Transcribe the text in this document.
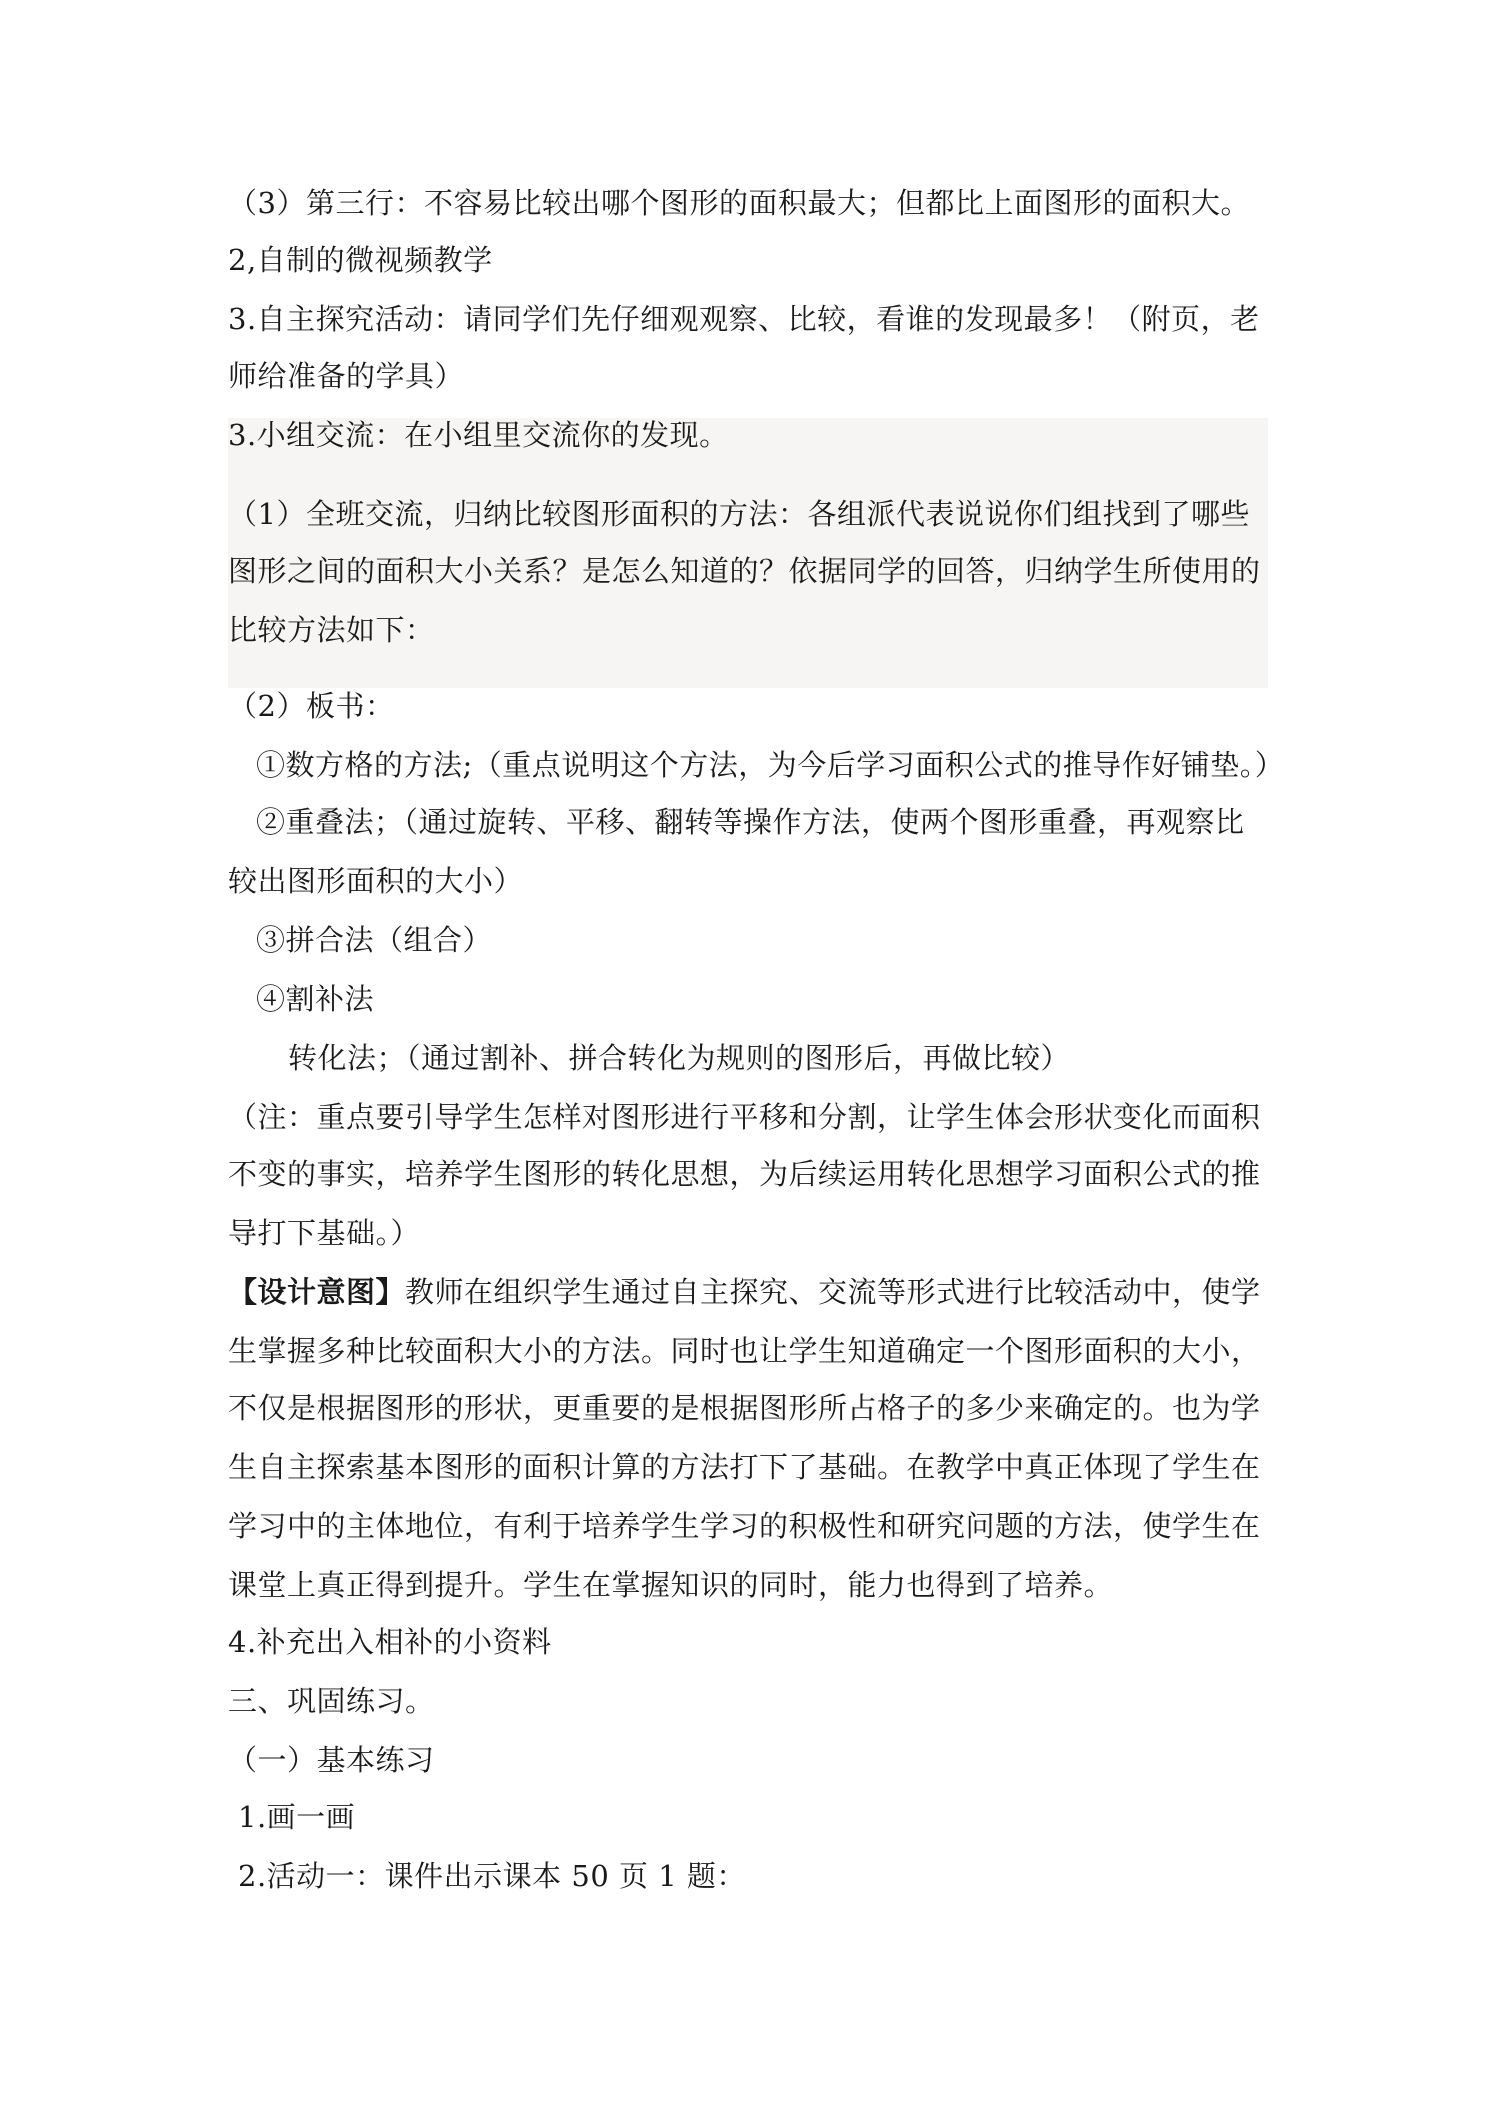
（3）第三行：不容易比较出哪个图形的面积最大；但都比上面图形的面积大。
2,自制的微视频教学
3.自主探究活动：请同学们先仔细观观察、比较，看谁的发现最多！（附页，老
师给准备的学具）
3.小组交流：在小组里交流你的发现。
（1）全班交流，归纳比较图形面积的方法：各组派代表说说你们组找到了哪些
图形之间的面积大小关系？是怎么知道的？依据同学的回答，归纳学生所使用的
比较方法如下：
（2）板书：
①数方格的方法;（重点说明这个方法，为今后学习面积公式的推导作好铺垫。）
②重叠法；（通过旋转、平移、翻转等操作方法，使两个图形重叠，再观察比
较出图形面积的大小）
③拼合法（组合）
④割补法
转化法；（通过割补、拼合转化为规则的图形后，再做比较）
（注：重点要引导学生怎样对图形进行平移和分割，让学生体会形状变化而面积
不变的事实，培养学生图形的转化思想，为后续运用转化思想学习面积公式的推
导打下基础。）
【设计意图】教师在组织学生通过自主探究、交流等形式进行比较活动中，使学
生掌握多种比较面积大小的方法。同时也让学生知道确定一个图形面积的大小，
不仅是根据图形的形状，更重要的是根据图形所占格子的多少来确定的。也为学
生自主探索基本图形的面积计算的方法打下了基础。在教学中真正体现了学生在
学习中的主体地位，有利于培养学生学习的积极性和研究问题的方法，使学生在
课堂上真正得到提升。学生在掌握知识的同时，能力也得到了培养。
4.补充出入相补的小资料
三、巩固练习。
（一）基本练习
1.画一画
2.活动一：课件出示课本 50 页 1 题：
